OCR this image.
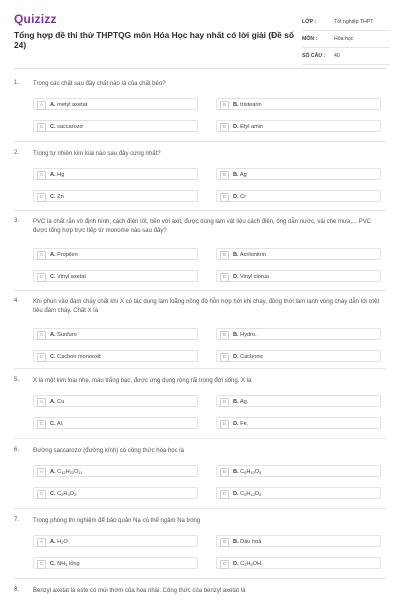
Quizizz
Tổng hợp đề thi thử THPTQG môn Hóa Học hay nhất có lời giải (Đề số 24)
LỚP :	Tốt nghiệp THPT
MÔN :	Hóa học
SỐ CÂU :	40
1. Trong các chất sau đây chất nào là của chất béo?
A	A. metyl axetat	B	B. tristearin
C	C. saccarozơ	D	D. Etyl amin
2. Trong tự nhiên kim loại nào sau đây cứng nhất?
A	A. Hg	B	B. Ag
C	C. Zn	D	D. Cr
3. PVC là chất rắn vô định hình, cách điện tốt, bền với axit, được dùng làm vật liệu cách điện, ống dẫn nước, vải che mưa,... PVC được tổng hợp trực tiếp từ monome nào sau đây?
A	A. Propilen	B	B. Acrilonitrin
C	C. Vinyl axetat	D	D. Vinyl clorua
4. Khi phun vào đám cháy chất khí X có tác dụng làm loãng nồng độ hỗn hợp hơi khi cháy, đồng thời làm lạnh vùng cháy dẫn tới triệt tiêu đám cháy. Chất X là
A	A. Sunfuro	B	B. Hydro.
C	C. Cacbon monooxit	D	D. Cacbonic
5. X là một kim loại nhẹ, màu trắng bạc, được ứng dụng rộng rãi trong đời sống. X là
A	A. Cu	B	B. Ag.
C	C. Al.	D	D. Fe.
6. Đường saccarozơ (đường kính) có công thức hóa học là
A	A. $C_{12}H_{22}O_{11}$	B	B. $C_6H_{10}O_5$
C	C. $C_2H_4O_2$.	D	D. $C_6H_{12}O_6$
7. Trong phòng thí nghiệm để bảo quản Na có thể ngâm Na trong
A	A. $H_2O$	B	B. Dầu hoả
C	C. $NH_3$ lỏng	D	D. $C_2H_5OH$
8. Benzyl axetat là este có mùi thơm của hoa nhài. Công thức của benzyl axetat là
